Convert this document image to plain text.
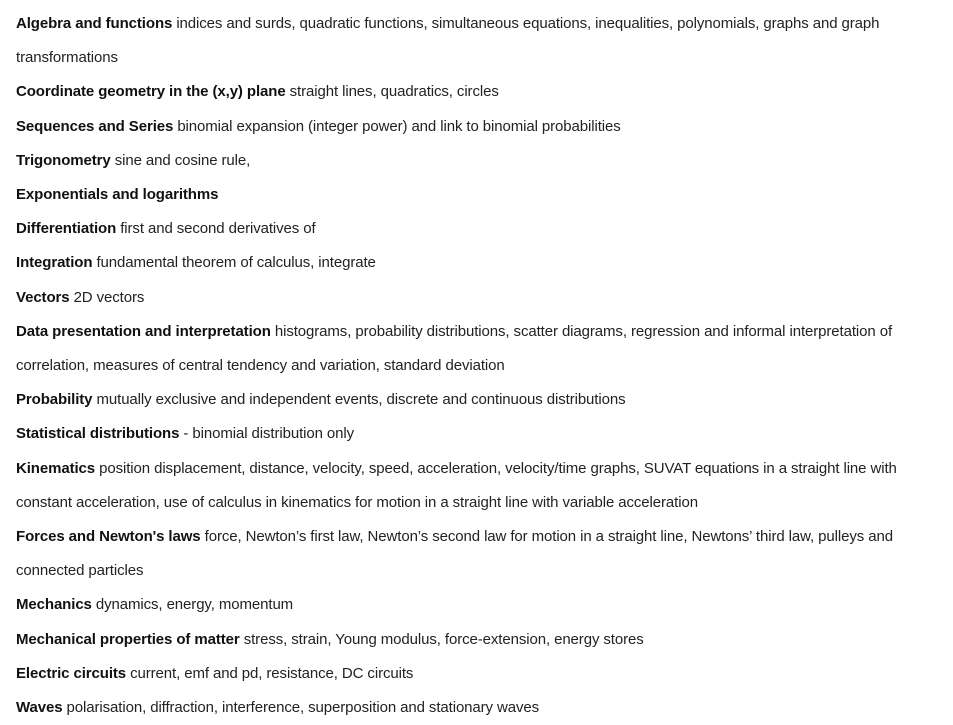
Algebra and functions indices and surds, quadratic functions, simultaneous equations, inequalities, polynomials, graphs and graph transformations

Coordinate geometry in the (x,y) plane straight lines, quadratics, circles

Sequences and Series binomial expansion (integer power) and link to binomial probabilities

Trigonometry sine and cosine rule,

Exponentials and logarithms

Differentiation first and second derivatives of

Integration fundamental theorem of calculus, integrate

Vectors 2D vectors

Data presentation and interpretation histograms, probability distributions, scatter diagrams, regression and informal interpretation of correlation, measures of central tendency and variation, standard deviation

Probability mutually exclusive and independent events, discrete and continuous distributions

Statistical distributions - binomial distribution only

Kinematics position displacement, distance, velocity, speed, acceleration, velocity/time graphs, SUVAT equations in a straight line with constant acceleration, use of calculus in kinematics for motion in a straight line with variable acceleration

Forces and Newton's laws force, Newton’s first law, Newton’s second law for motion in a straight line, Newtons’ third law, pulleys and connected particles

Mechanics dynamics, energy, momentum

Mechanical properties of matter stress, strain, Young modulus, force-extension, energy stores

Electric circuits current, emf and pd, resistance, DC circuits

Waves polarisation, diffraction, interference, superposition and stationary waves
